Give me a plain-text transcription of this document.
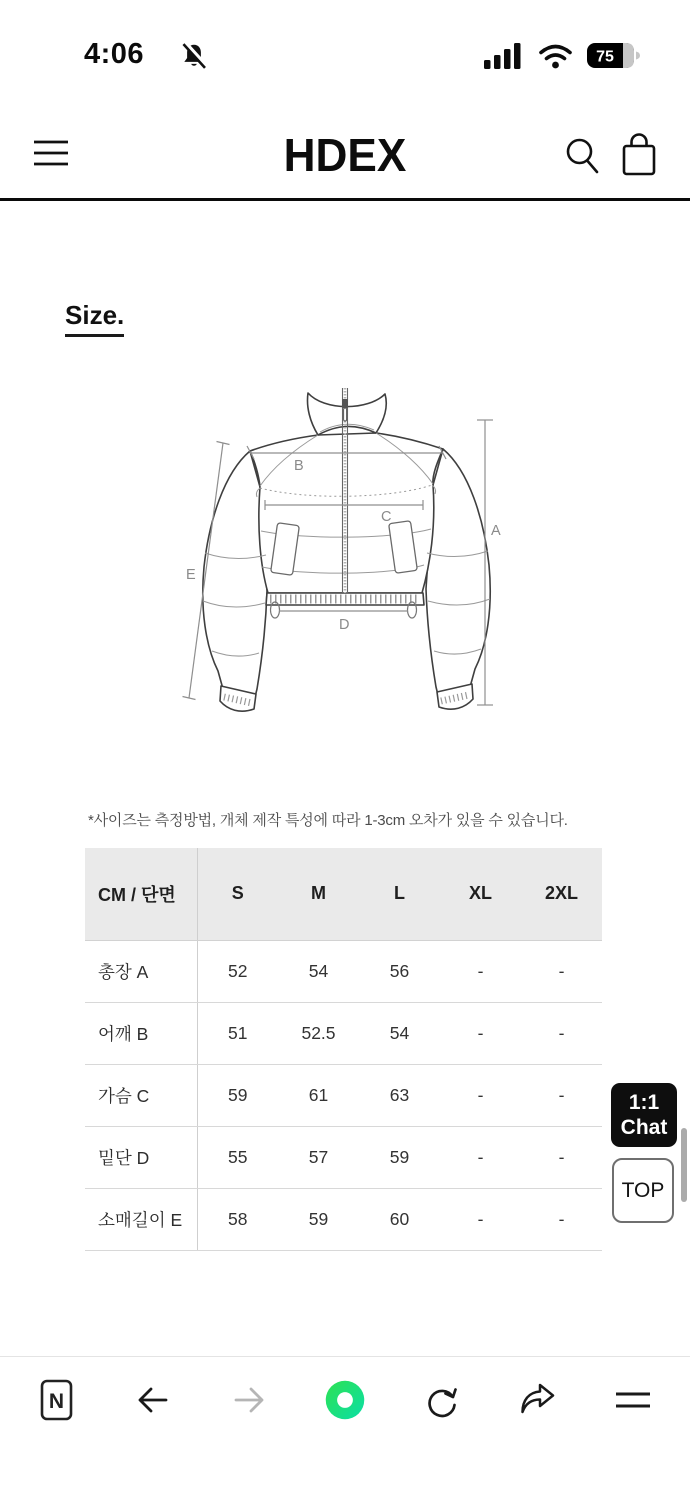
4:06	75
HDEX
Size.
B
C
D
A
E
*사이즈는 측정방법, 개체 제작 특성에 따라 1-3cm 오차가 있을 수 있습니다.
CM / 단면	S	M	L	XL	2XL
총장 A	52	54	56	-	-
어깨 B	51	52.5	54	-	-
가슴 C	59	61	63	-	-
밑단 D	55	57	59	-	-
소매길이 E	58	59	60	-	-
1:1
Chat
TOP
N
